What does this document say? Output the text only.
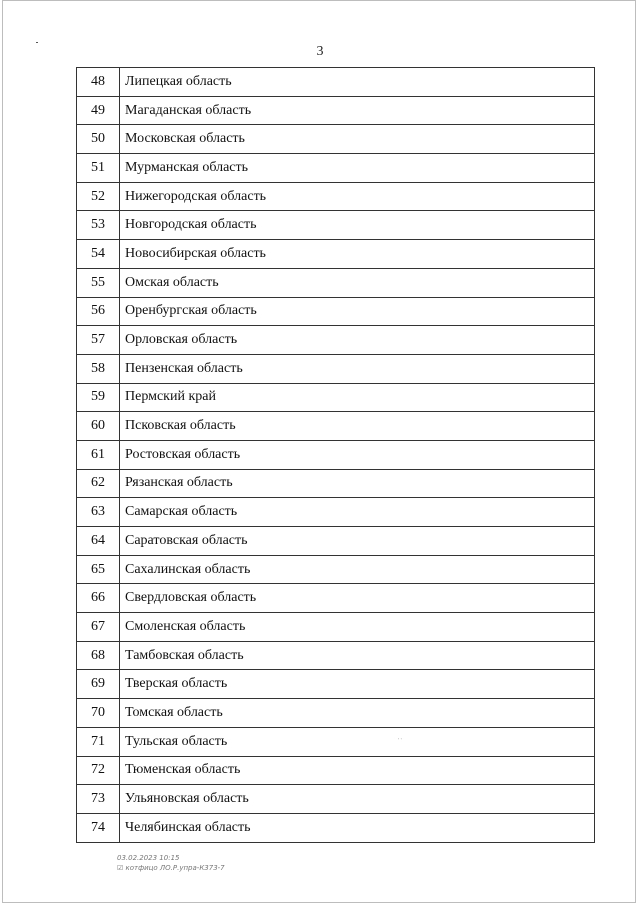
3
48	Липецкая область
49	Магаданская область
50	Московская область
51	Мурманская область
52	Нижегородская область
53	Новгородская область
54	Новосибирская область
55	Омская область
56	Оренбургская область
57	Орловская область
58	Пензенская область
59	Пермский край
60	Псковская область
61	Ростовская область
62	Рязанская область
63	Самарская область
64	Саратовская область
65	Сахалинская область
66	Свердловская область
67	Смоленская область
68	Тамбовская область
69	Тверская область
70	Томская область
71	Тульская область
72	Тюменская область
73	Ульяновская область
74	Челябинская область
' '
03.02.2023 10:15
☑ котфицо ЛО.Р.упра-К373-7
